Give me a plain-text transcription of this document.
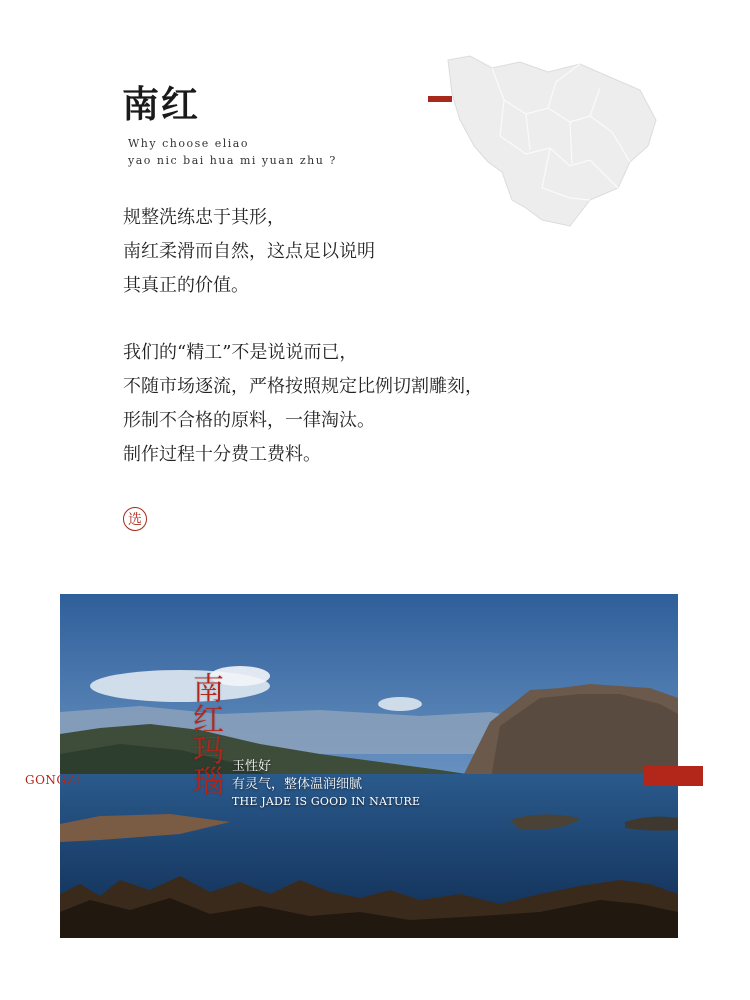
南红
Why choose eliao
yao nic bai hua mi yuan zhu ?
规整洗练忠于其形，
南红柔滑而自然，这点足以说明
其真正的价值。
我们的“精工”不是说说而已，
不随市场逐流，严格按照规定比例切割雕刻，
形制不合格的原料，一律淘汰。
制作过程十分费工费料。
选
GONGZI	南红玛瑙 玉性好
有灵气，整体温润细腻
THE JADE IS GOOD IN NATURE
